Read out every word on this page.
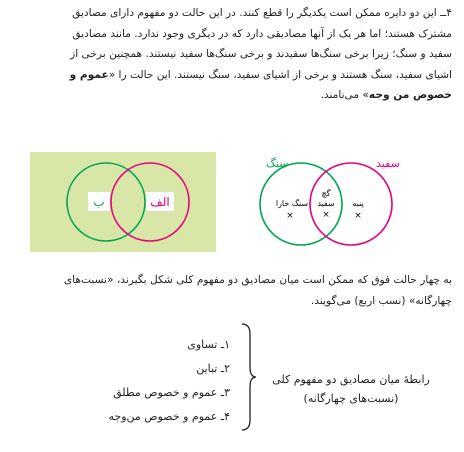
۴ــ این دو دایره ممکن است یکدیگر را قطع کنند. در این حالت دو مفهوم دارای مصادیق
مشترک هستند؛ اما هر یک از آنها مصادیقی دارد که در دیگری وجود ندارد. مانند مصادیق
سفید و سنگ؛ زیرا برخی سنگ‌ها سفیدند و برخی سنگ‌ها سفید نیستند. همچنین برخی از
اشیای سفید، سنگ هستند و برخی از اشیای سفید، سنگ نیستند. این حالت را «عموم و
خصوص من وجه» می‌نامند.
ب	الف
سنگ	سفید
سنگ خارا
×
گچ
سفید
×
پنبه
×
به چهار حالت فوق که ممکن است میان مصادیق دو مفهوم کلی شکل بگیرند، «نسبت‌های
چهارگانه» (نسب اربع) می‌گویند.
۱ـ تساوی
۲ـ تباین
۳ـ عموم و خصوص مطلق
۴ـ عموم و خصوص من‌وجه
رابطهٔ میان مصادیق دو مفهوم کلی
(نسبت‌های چهارگانه)
